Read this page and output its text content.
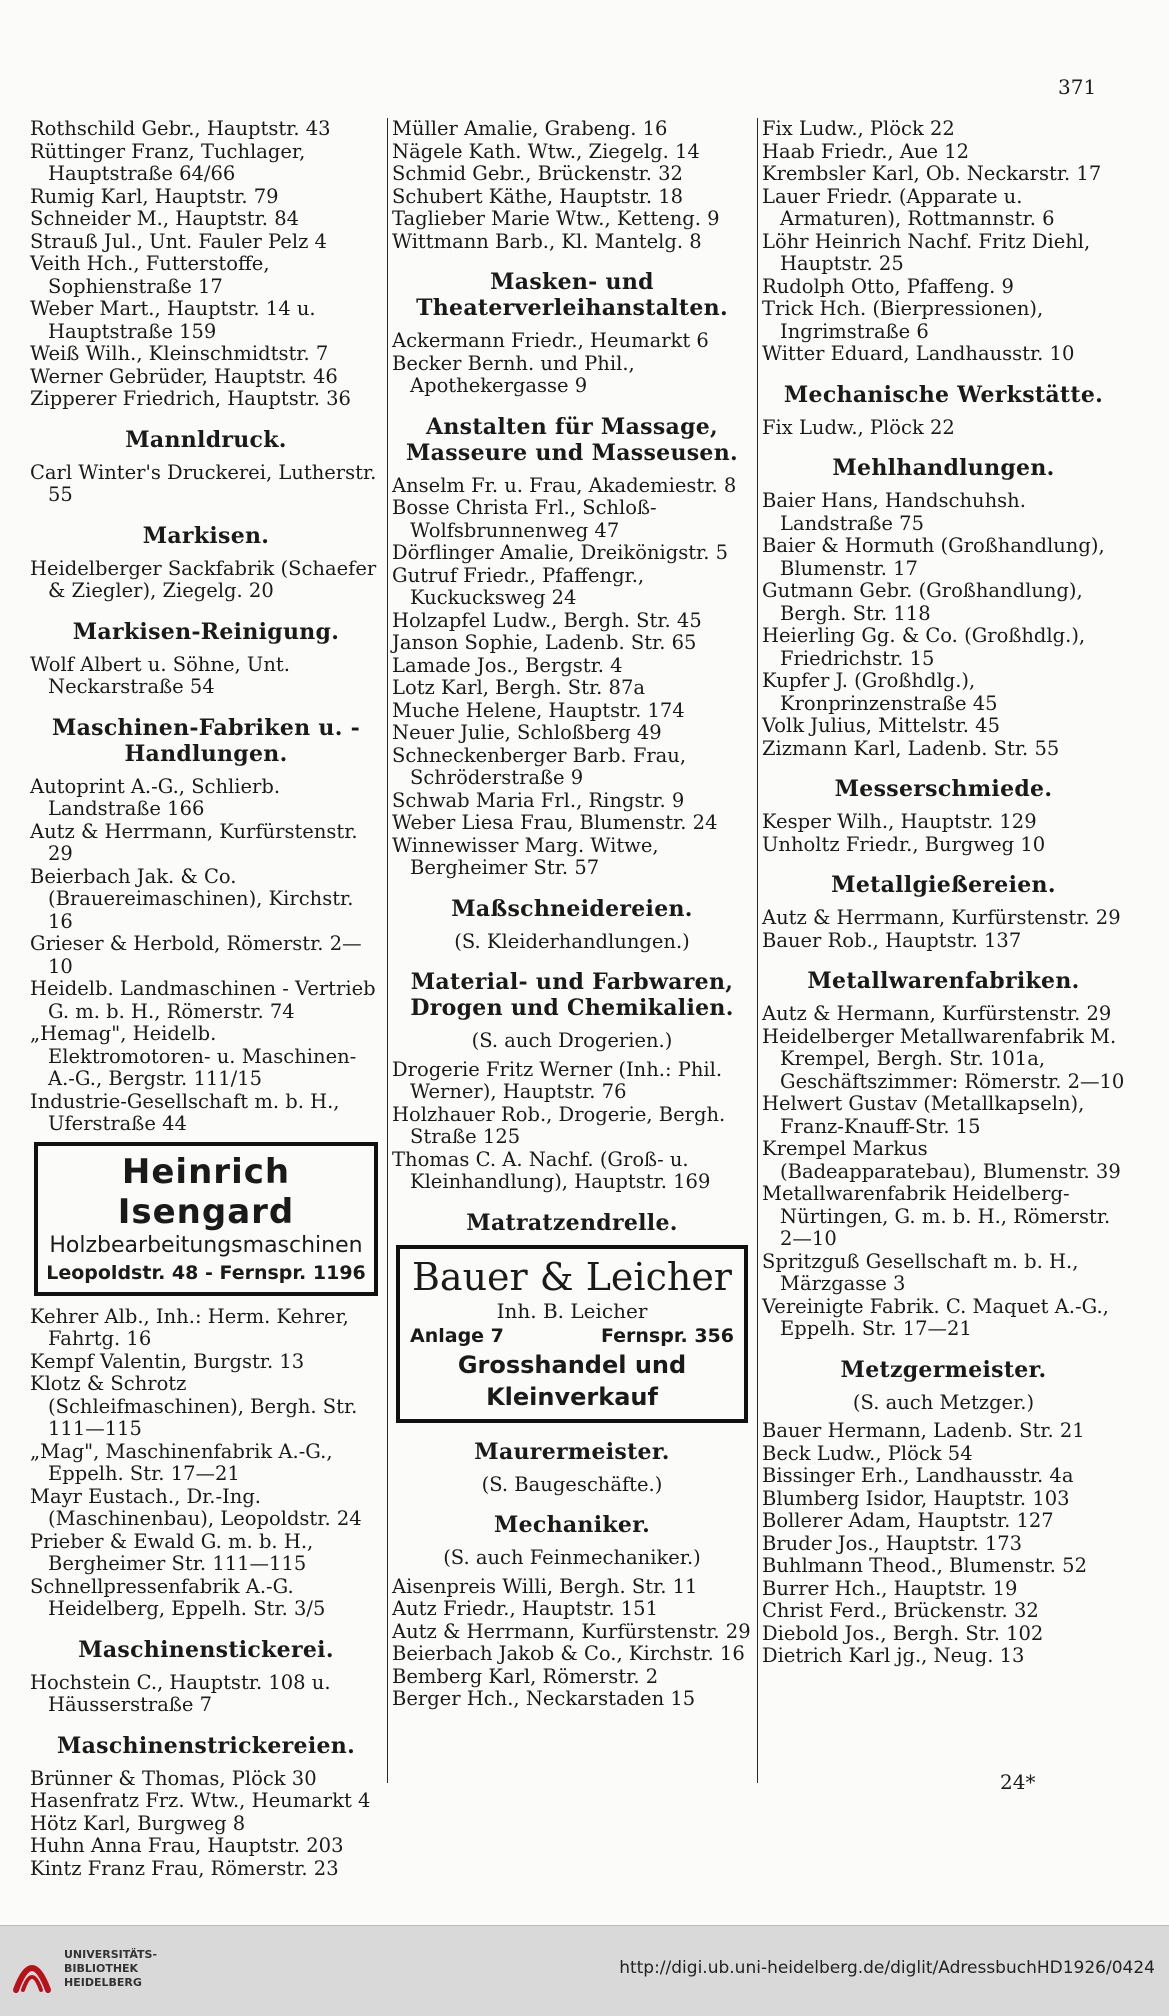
371
Rothschild Gebr., Hauptstr. 43
Rüttinger Franz, Tuchlager, Hauptstraße 64/66
Rumig Karl, Hauptstr. 79
Schneider M., Hauptstr. 84
Strauß Jul., Unt. Fauler Pelz 4
Veith Hch., Futterstoffe, Sophienstraße 17
Weber Mart., Hauptstr. 14 u. Hauptstraße 159
Weiß Wilh., Kleinschmidtstr. 7
Werner Gebrüder, Hauptstr. 46
Zipperer Friedrich, Hauptstr. 36
Mannldruck.
Carl Winter's Druckerei, Lutherstr. 55
Markisen.
Heidelberger Sackfabrik (Schaefer & Ziegler), Ziegelg. 20
Markisen-Reinigung.
Wolf Albert u. Söhne, Unt. Neckarstraße 54
Maschinen-Fabriken u. -Handlungen.
Autoprint A.-G., Schlierb. Landstraße 166
Autz & Herrmann, Kurfürstenstr. 29
Beierbach Jak. & Co. (Brauereimaschinen), Kirchstr. 16
Grieser & Herbold, Römerstr. 2—10
Heidelb. Landmaschinen - Vertrieb G. m. b. H., Römerstr. 74
„Hemag", Heidelb. Elektromotoren- u. Maschinen-A.-G., Bergstr. 111/15
Industrie-Gesellschaft m. b. H., Uferstraße 44
Heinrich Isengard
Holzbearbeitungsmaschinen
Leopoldstr. 48 - Fernspr. 1196
Kehrer Alb., Inh.: Herm. Kehrer, Fahrtg. 16
Kempf Valentin, Burgstr. 13
Klotz & Schrotz (Schleifmaschinen), Bergh. Str. 111—115
„Mag", Maschinenfabrik A.-G., Eppelh. Str. 17—21
Mayr Eustach., Dr.-Ing. (Maschinenbau), Leopoldstr. 24
Prieber & Ewald G. m. b. H., Bergheimer Str. 111—115
Schnellpressenfabrik A.-G. Heidelberg, Eppelh. Str. 3/5
Maschinenstickerei.
Hochstein C., Hauptstr. 108 u. Häusserstraße 7
Maschinenstrickereien.
Brünner & Thomas, Plöck 30
Hasenfratz Frz. Wtw., Heumarkt 4
Hötz Karl, Burgweg 8
Huhn Anna Frau, Hauptstr. 203
Kintz Franz Frau, Römerstr. 23
Müller Amalie, Grabeng. 16
Nägele Kath. Wtw., Ziegelg. 14
Schmid Gebr., Brückenstr. 32
Schubert Käthe, Hauptstr. 18
Taglieber Marie Wtw., Ketteng. 9
Wittmann Barb., Kl. Mantelg. 8
Masken- und Theaterverleihanstalten.
Ackermann Friedr., Heumarkt 6
Becker Bernh. und Phil., Apothekergasse 9
Anstalten für Massage, Masseure und Masseusen.
Anselm Fr. u. Frau, Akademiestr. 8
Bosse Christa Frl., Schloß-Wolfsbrunnenweg 47
Dörflinger Amalie, Dreikönigstr. 5
Gutruf Friedr., Pfaffengr., Kuckucksweg 24
Holzapfel Ludw., Bergh. Str. 45
Janson Sophie, Ladenb. Str. 65
Lamade Jos., Bergstr. 4
Lotz Karl, Bergh. Str. 87a
Muche Helene, Hauptstr. 174
Neuer Julie, Schloßberg 49
Schneckenberger Barb. Frau, Schröderstraße 9
Schwab Maria Frl., Ringstr. 9
Weber Liesa Frau, Blumenstr. 24
Winnewisser Marg. Witwe, Bergheimer Str. 57
Maßschneidereien.
(S. Kleiderhandlungen.)
Material- und Farbwaren, Drogen und Chemikalien.
(S. auch Drogerien.)
Drogerie Fritz Werner (Inh.: Phil. Werner), Hauptstr. 76
Holzhauer Rob., Drogerie, Bergh. Straße 125
Thomas C. A. Nachf. (Groß- u. Kleinhandlung), Hauptstr. 169
Matratzendrelle.
Bauer & Leicher
Inh. B. Leicher
Anlage 7	Fernspr. 356
Grosshandel und Kleinverkauf
Maurermeister.
(S. Baugeschäfte.)
Mechaniker.
(S. auch Feinmechaniker.)
Aisenpreis Willi, Bergh. Str. 11
Autz Friedr., Hauptstr. 151
Autz & Herrmann, Kurfürstenstr. 29
Beierbach Jakob & Co., Kirchstr. 16
Bemberg Karl, Römerstr. 2
Berger Hch., Neckarstaden 15
Fix Ludw., Plöck 22
Haab Friedr., Aue 12
Krembsler Karl, Ob. Neckarstr. 17
Lauer Friedr. (Apparate u. Armaturen), Rottmannstr. 6
Löhr Heinrich Nachf. Fritz Diehl, Hauptstr. 25
Rudolph Otto, Pfaffeng. 9
Trick Hch. (Bierpressionen), Ingrimstraße 6
Witter Eduard, Landhausstr. 10
Mechanische Werkstätte.
Fix Ludw., Plöck 22
Mehlhandlungen.
Baier Hans, Handschuhsh. Landstraße 75
Baier & Hormuth (Großhandlung), Blumenstr. 17
Gutmann Gebr. (Großhandlung), Bergh. Str. 118
Heierling Gg. & Co. (Großhdlg.), Friedrichstr. 15
Kupfer J. (Großhdlg.), Kronprinzenstraße 45
Volk Julius, Mittelstr. 45
Zizmann Karl, Ladenb. Str. 55
Messerschmiede.
Kesper Wilh., Hauptstr. 129
Unholtz Friedr., Burgweg 10
Metallgießereien.
Autz & Herrmann, Kurfürstenstr. 29
Bauer Rob., Hauptstr. 137
Metallwarenfabriken.
Autz & Hermann, Kurfürstenstr. 29
Heidelberger Metallwarenfabrik M. Krempel, Bergh. Str. 101a, Geschäftszimmer: Römerstr. 2—10
Helwert Gustav (Metallkapseln), Franz-Knauff-Str. 15
Krempel Markus (Badeapparatebau), Blumenstr. 39
Metallwarenfabrik Heidelberg-Nürtingen, G. m. b. H., Römerstr. 2—10
Spritzguß Gesellschaft m. b. H., Märzgasse 3
Vereinigte Fabrik. C. Maquet A.-G., Eppelh. Str. 17—21
Metzgermeister.
(S. auch Metzger.)
Bauer Hermann, Ladenb. Str. 21
Beck Ludw., Plöck 54
Bissinger Erh., Landhausstr. 4a
Blumberg Isidor, Hauptstr. 103
Bollerer Adam, Hauptstr. 127
Bruder Jos., Hauptstr. 173
Buhlmann Theod., Blumenstr. 52
Burrer Hch., Hauptstr. 19
Christ Ferd., Brückenstr. 32
Diebold Jos., Bergh. Str. 102
Dietrich Karl jg., Neug. 13
24*
UNIVERSITÄTS-
BIBLIOTHEK
HEIDELBERG
http://digi.ub.uni-heidelberg.de/diglit/AdressbuchHD1926/0424
